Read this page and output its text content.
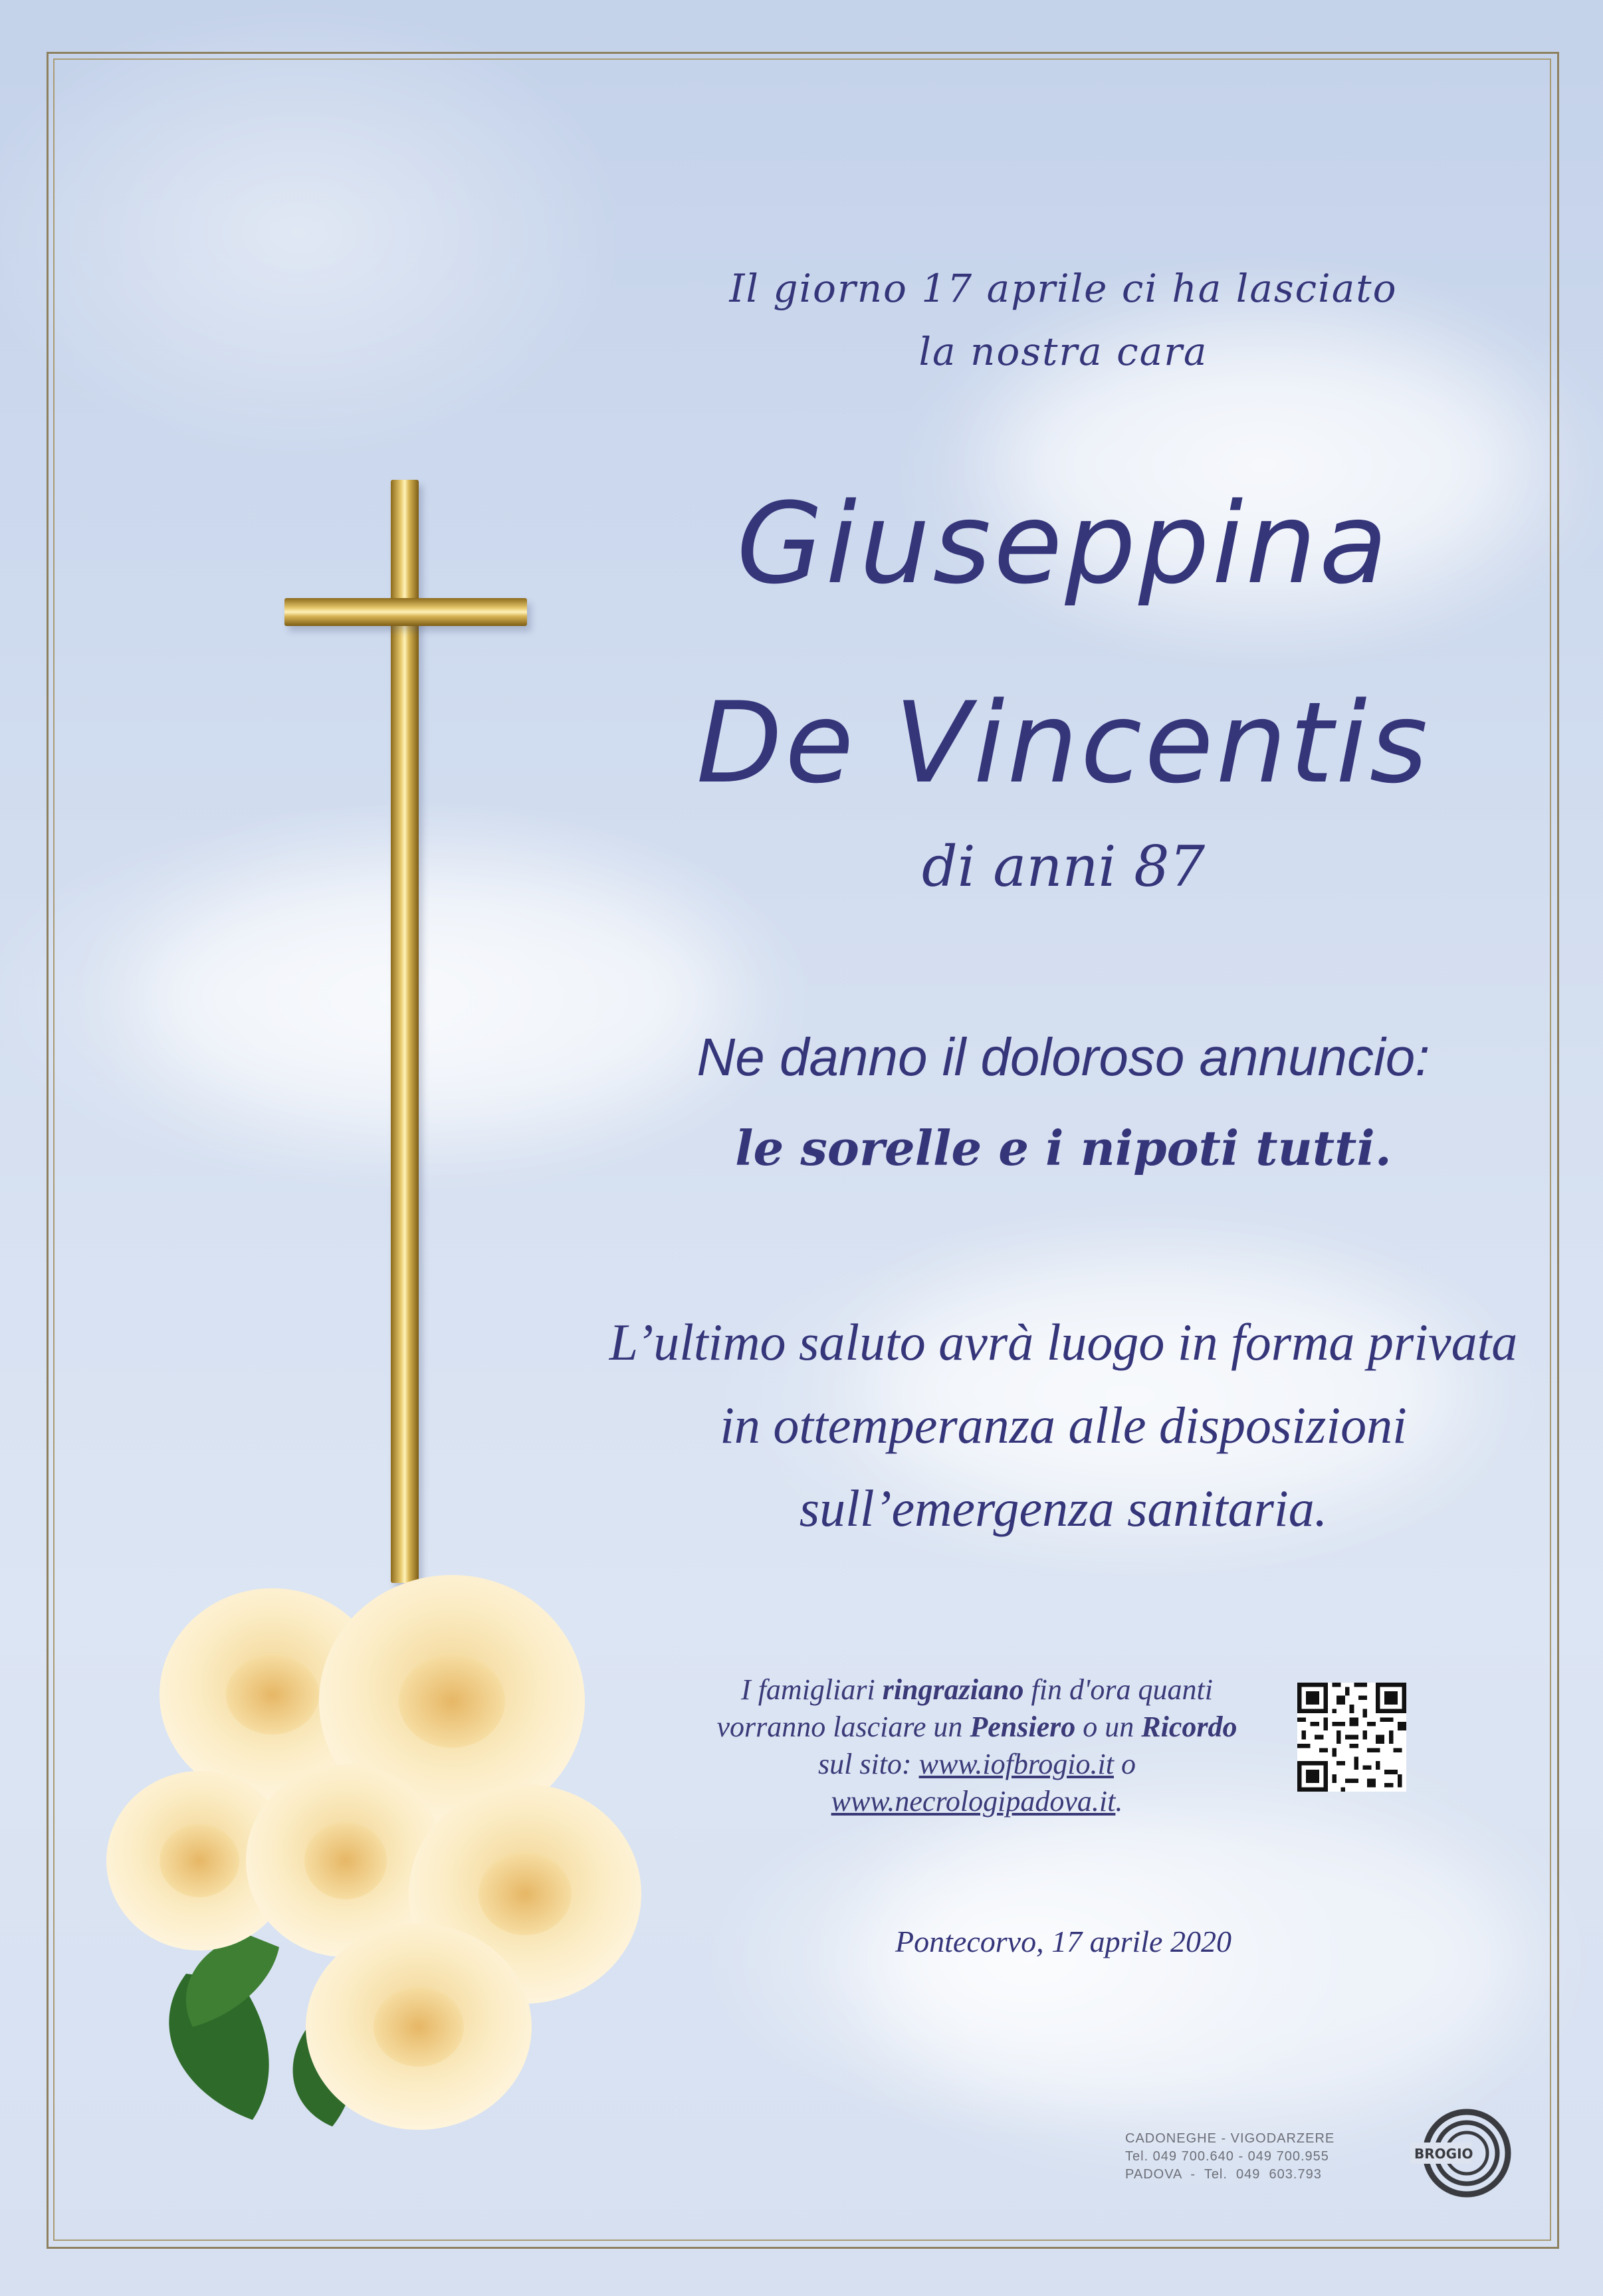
Il giorno 17 aprile ci ha lasciato
la nostra cara
Giuseppina
De Vincentis
di anni 87
Ne danno il doloroso annuncio:
le sorelle e i nipoti tutti.
L’ultimo saluto avrà luogo in forma privata
in ottemperanza alle disposizioni
sull’emergenza sanitaria.
I famigliari ringraziano fin d'ora quanti
vorranno lasciare un Pensiero o un Ricordo
sul sito: www.iofbrogio.it o www.necrologipadova.it.
Pontecorvo, 17 aprile 2020
CADONEGHE - VIGODARZERE
Tel. 049 700.640 - 049 700.955
PADOVA  -  Tel.  049  603.793
BROGIO
